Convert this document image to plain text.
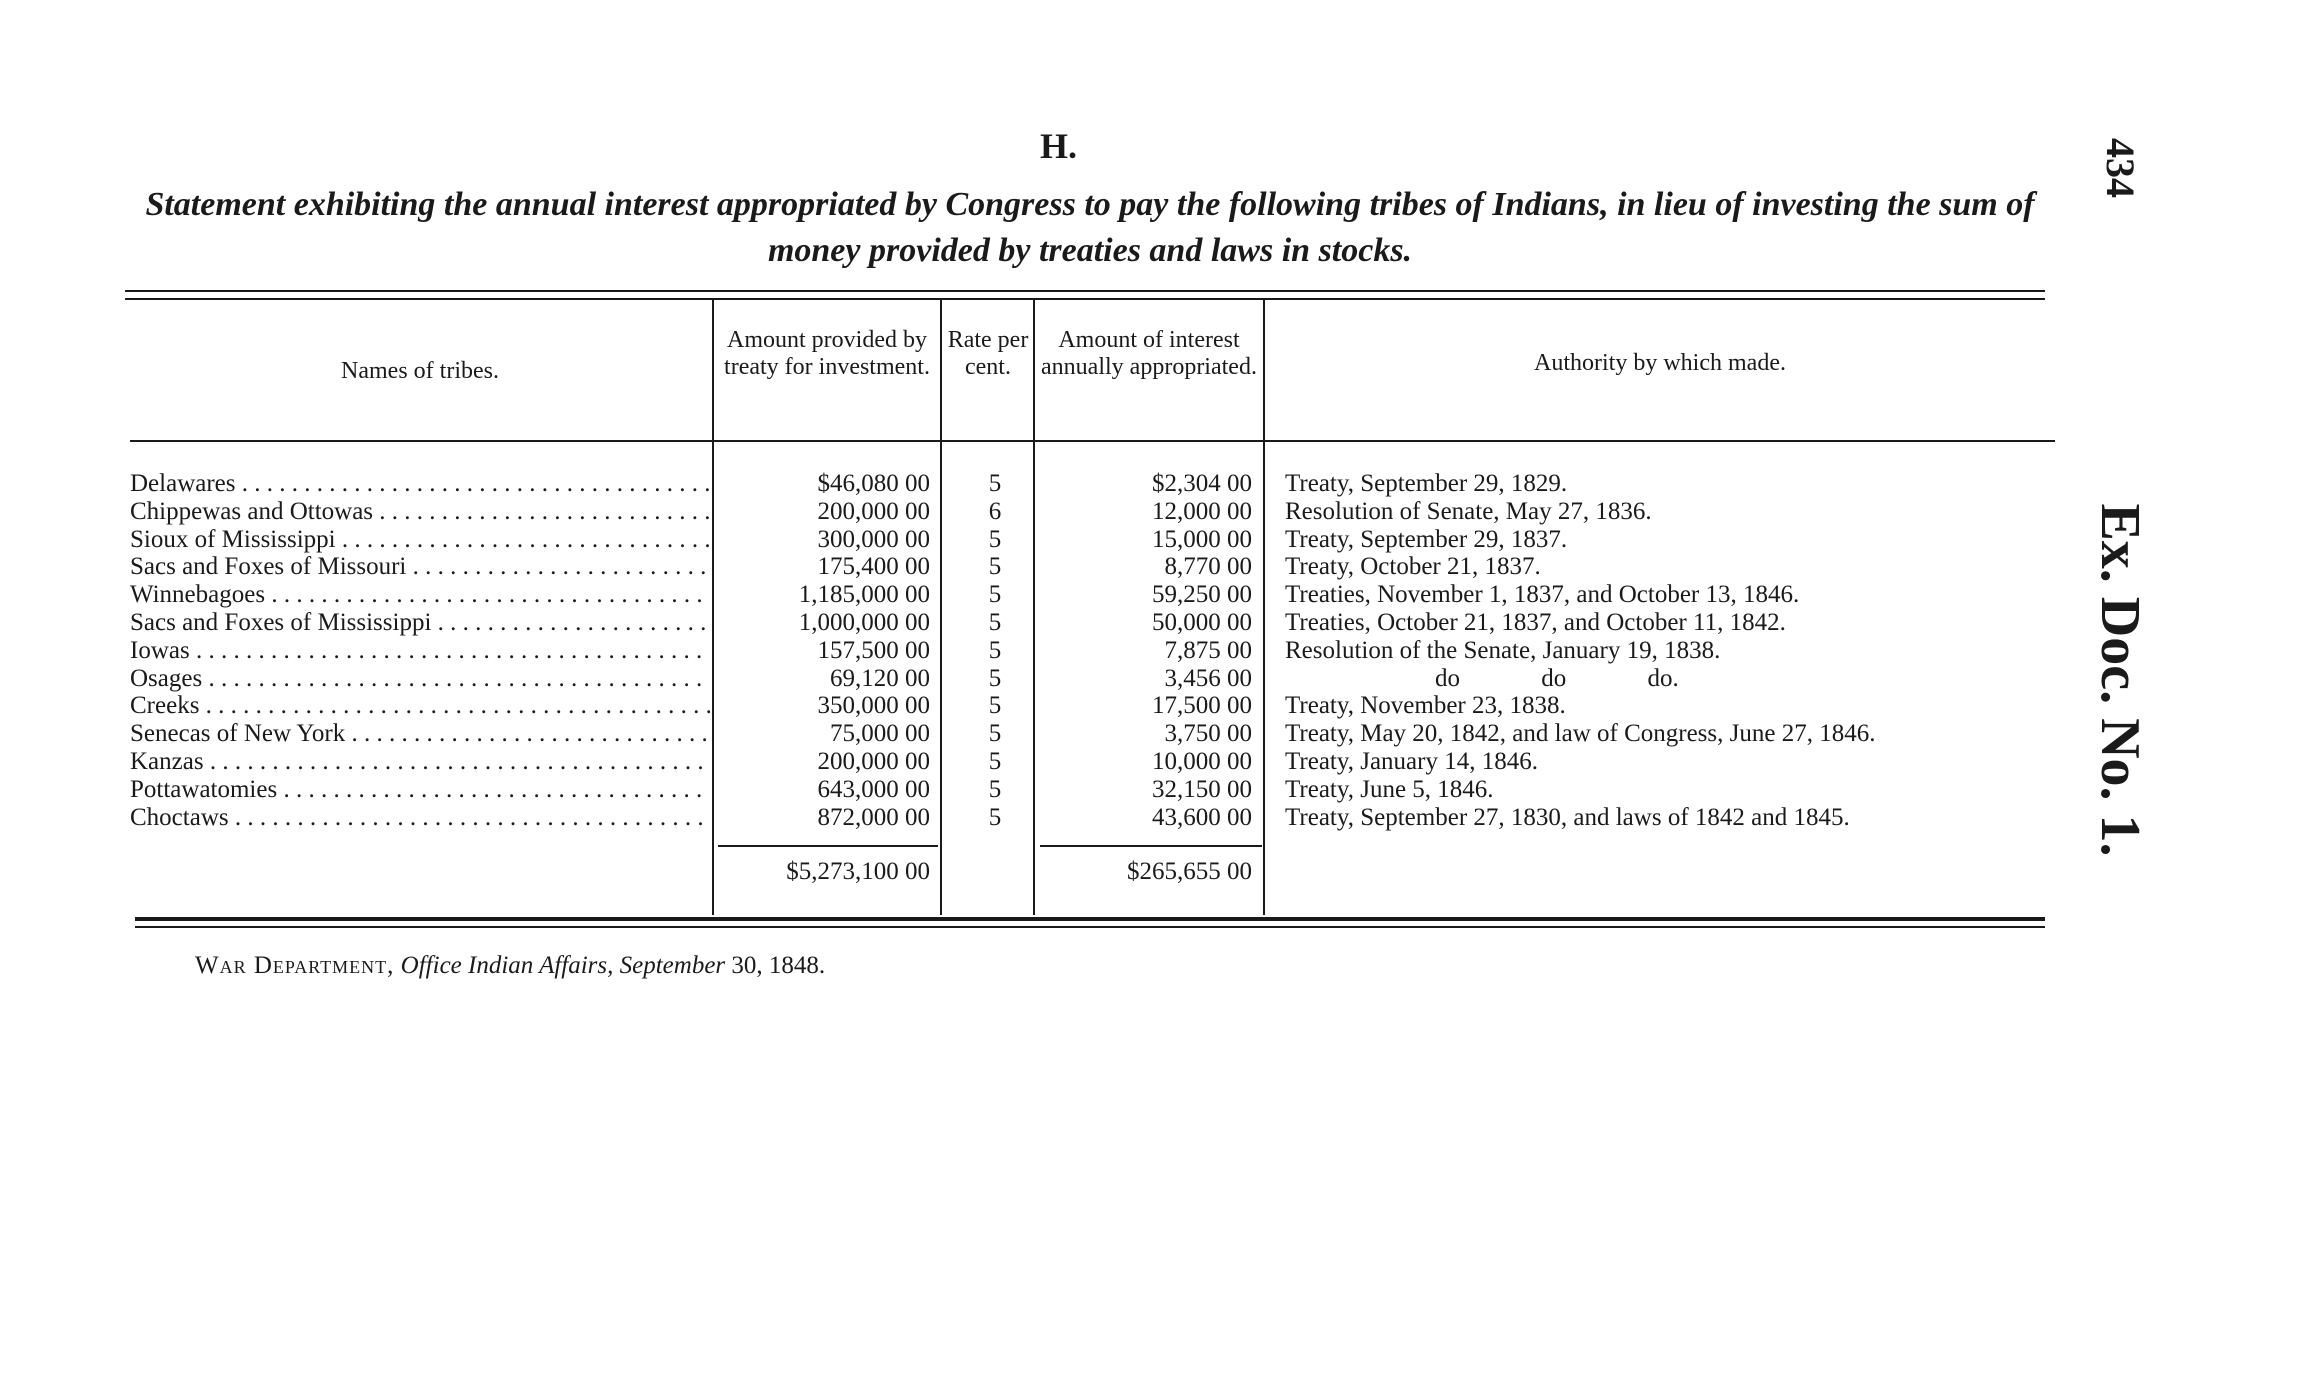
H.
Statement exhibiting the annual interest appropriated by Congress to pay the following tribes of Indians, in lieu of investing the sum of money provided by treaties and laws in stocks.
434
Ex. Doc. No. 1.
Names of tribes.
Amount provided by treaty for investment.
Rate per cent.
Amount of interest annually appropriated.	Authority by which made.
Delawares . . .
Chippewas and Ottowas . . .
Sioux of Mississippi . . .
Sacs and Foxes of Missouri . . .
Winnebagoes . . .
Sacs and Foxes of Mississippi . . .
Iowas . . .
Osages . . .
Creeks . . .
Senecas of New York . . .
Kanzas . . .
Pottawatomies . . .
Choctaws . . .
$46,080 00
200,000 00
300,000 00
175,400 00
1,185,000 00
1,000,000 00
157,500 00
69,120 00
350,000 00
75,000 00
200,000 00
643,000 00
872,000 00
5
6
5
5
5
5
5
5
5
5
5
5
5
$2,304 00
12,000 00
15,000 00
8,770 00
59,250 00
50,000 00
7,875 00
3,456 00
17,500 00
3,750 00
10,000 00
32,150 00
43,600 00
Treaty, September 29, 1829.
Resolution of Senate, May 27, 1836.
Treaty, September 29, 1837.
Treaty, October 21, 1837.
Treaties, November 1, 1837, and October 13, 1846.
Treaties, October 21, 1837, and October 11, 1842.
Resolution of the Senate, January 19, 1838.
do do do.
Treaty, November 23, 1838.
Treaty, May 20, 1842, and law of Congress, June 27, 1846.
Treaty, January 14, 1846.
Treaty, June 5, 1846.
Treaty, September 27, 1830, and laws of 1842 and 1845.
$5,273,100 00	$265,655 00
War Department, Office Indian Affairs, September 30, 1848.
